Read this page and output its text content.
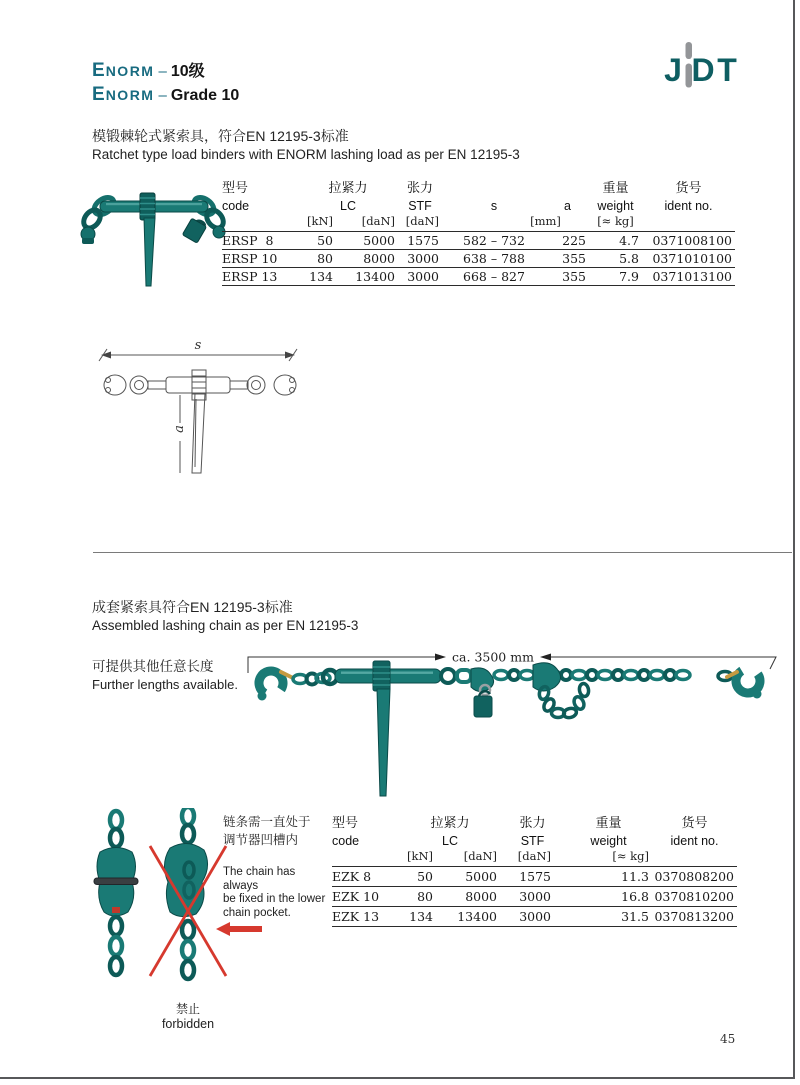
ENORM – 10级
ENORM – Grade 10
J D T
模锻棘轮式紧索具，符合EN 12195-3标准
Ratchet type load binders with ENORM lashing load as per EN 12195-3
型号	拉紧力	张力	重量	货号
code	LC	STF	s	a	weight	ident no.
[kN]	[daN] [daN]	[mm]	[≈ kg]
ERSP  8	50	5000 1575	582 – 732	225	4.7	0371008100
ERSP 10	80	8000 3000	638 – 788	355	5.8	0371010100
ERSP 13	134	13400 3000	668 – 827	355	7.9	0371013100
s
a
成套紧索具符合EN 12195-3标准
Assembled lashing chain as per EN 12195-3
可提供其他任意长度
Further lengths available.
ca. 3500 mm
型号	拉紧力	张力	重量	货号
code	LC	STF	weight	ident no.
[kN]	[daN]	[daN]	[≈ kg]
EZK 8	50	5000	1575	11.3 0370808200
EZK 10	80	8000	3000	16.8 0370810200
EZK 13	134	13400	3000	31.5 0370813200
链条需一直处于
调节器凹槽内
The chain has always
be fixed in the lower
chain pocket.
禁止
forbidden
45
